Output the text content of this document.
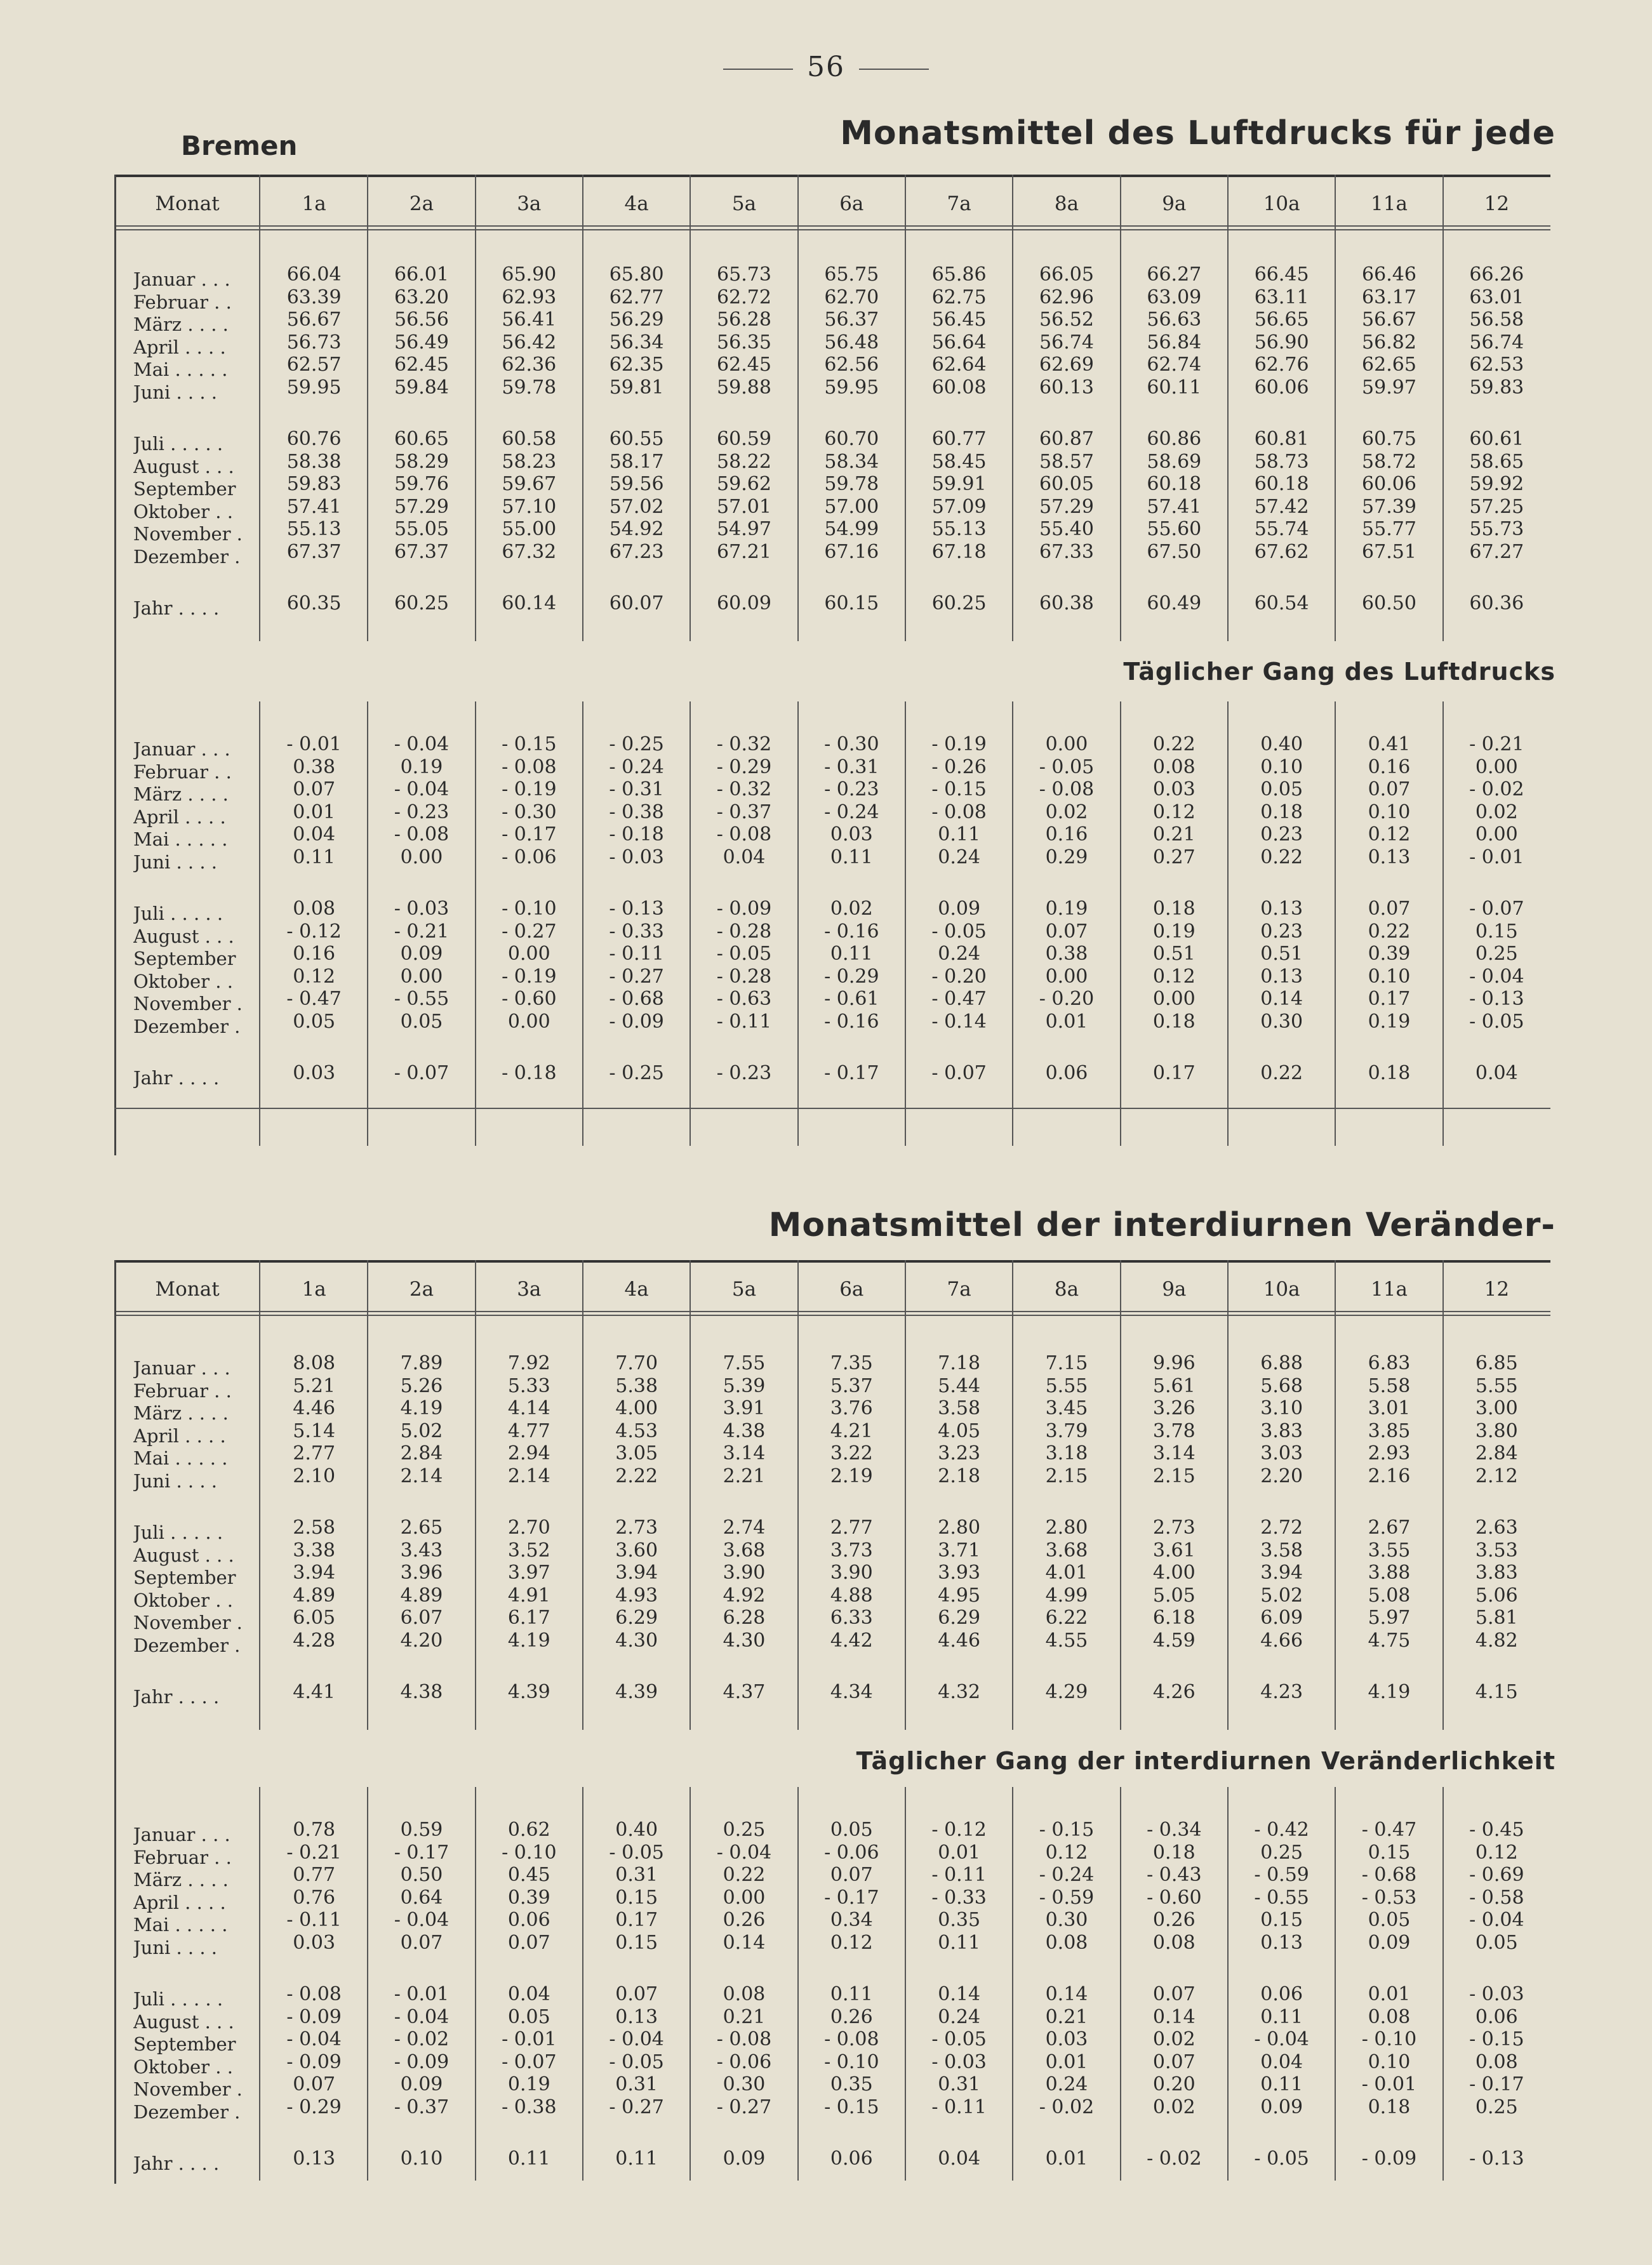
56
Bremen	Monatsmittel des Luftdrucks für jede
Täglicher Gang des Luftdrucks
Monatsmittel der interdiurnen Veränder-
Täglicher Gang der interdiurnen Veränderlichkeit
Monat	1a	2a	3a	4a	5a	6a	7a	8a	9a	10a	11a	12
Januar . . .	66.04	66.01	65.90	65.80	65.73	65.75	65.86	66.05	66.27	66.45	66.46	66.26
Februar . .	63.39	63.20	62.93	62.77	62.72	62.70	62.75	62.96	63.09	63.11	63.17	63.01
März . . . .	56.67	56.56	56.41	56.29	56.28	56.37	56.45	56.52	56.63	56.65	56.67	56.58
April . . . .	56.73	56.49	56.42	56.34	56.35	56.48	56.64	56.74	56.84	56.90	56.82	56.74
Mai . . . . .	62.57	62.45	62.36	62.35	62.45	62.56	62.64	62.69	62.74	62.76	62.65	62.53
Juni . . . .	59.95	59.84	59.78	59.81	59.88	59.95	60.08	60.13	60.11	60.06	59.97	59.83
Juli . . . . .	60.76	60.65	60.58	60.55	60.59	60.70	60.77	60.87	60.86	60.81	60.75	60.61
August . . .	58.38	58.29	58.23	58.17	58.22	58.34	58.45	58.57	58.69	58.73	58.72	58.65
September	59.83	59.76	59.67	59.56	59.62	59.78	59.91	60.05	60.18	60.18	60.06	59.92
Oktober . .	57.41	57.29	57.10	57.02	57.01	57.00	57.09	57.29	57.41	57.42	57.39	57.25
November .	55.13	55.05	55.00	54.92	54.97	54.99	55.13	55.40	55.60	55.74	55.77	55.73
Dezember .	67.37	67.37	67.32	67.23	67.21	67.16	67.18	67.33	67.50	67.62	67.51	67.27
Jahr . . . .	60.35	60.25	60.14	60.07	60.09	60.15	60.25	60.38	60.49	60.54	60.50	60.36
Januar . . .	- 0.01	- 0.04	- 0.15	- 0.25	- 0.32	- 0.30	- 0.19	0.00	0.22	0.40	0.41	- 0.21
Februar . .	0.38	0.19	- 0.08	- 0.24	- 0.29	- 0.31	- 0.26	- 0.05	0.08	0.10	0.16	0.00
März . . . .	0.07	- 0.04	- 0.19	- 0.31	- 0.32	- 0.23	- 0.15	- 0.08	0.03	0.05	0.07	- 0.02
April . . . .	0.01	- 0.23	- 0.30	- 0.38	- 0.37	- 0.24	- 0.08	0.02	0.12	0.18	0.10	0.02
Mai . . . . .	0.04	- 0.08	- 0.17	- 0.18	- 0.08	0.03	0.11	0.16	0.21	0.23	0.12	0.00
Juni . . . .	0.11	0.00	- 0.06	- 0.03	0.04	0.11	0.24	0.29	0.27	0.22	0.13	- 0.01
Juli . . . . .	0.08	- 0.03	- 0.10	- 0.13	- 0.09	0.02	0.09	0.19	0.18	0.13	0.07	- 0.07
August . . .	- 0.12	- 0.21	- 0.27	- 0.33	- 0.28	- 0.16	- 0.05	0.07	0.19	0.23	0.22	0.15
September	0.16	0.09	0.00	- 0.11	- 0.05	0.11	0.24	0.38	0.51	0.51	0.39	0.25
Oktober . .	0.12	0.00	- 0.19	- 0.27	- 0.28	- 0.29	- 0.20	0.00	0.12	0.13	0.10	- 0.04
November .	- 0.47	- 0.55	- 0.60	- 0.68	- 0.63	- 0.61	- 0.47	- 0.20	0.00	0.14	0.17	- 0.13
Dezember .	0.05	0.05	0.00	- 0.09	- 0.11	- 0.16	- 0.14	0.01	0.18	0.30	0.19	- 0.05
Jahr . . . .	0.03	- 0.07	- 0.18	- 0.25	- 0.23	- 0.17	- 0.07	0.06	0.17	0.22	0.18	0.04
Monat	1a	2a	3a	4a	5a	6a	7a	8a	9a	10a	11a	12
Januar . . .	8.08	7.89	7.92	7.70	7.55	7.35	7.18	7.15	9.96	6.88	6.83	6.85
Februar . .	5.21	5.26	5.33	5.38	5.39	5.37	5.44	5.55	5.61	5.68	5.58	5.55
März . . . .	4.46	4.19	4.14	4.00	3.91	3.76	3.58	3.45	3.26	3.10	3.01	3.00
April . . . .	5.14	5.02	4.77	4.53	4.38	4.21	4.05	3.79	3.78	3.83	3.85	3.80
Mai . . . . .	2.77	2.84	2.94	3.05	3.14	3.22	3.23	3.18	3.14	3.03	2.93	2.84
Juni . . . .	2.10	2.14	2.14	2.22	2.21	2.19	2.18	2.15	2.15	2.20	2.16	2.12
Juli . . . . .	2.58	2.65	2.70	2.73	2.74	2.77	2.80	2.80	2.73	2.72	2.67	2.63
August . . .	3.38	3.43	3.52	3.60	3.68	3.73	3.71	3.68	3.61	3.58	3.55	3.53
September	3.94	3.96	3.97	3.94	3.90	3.90	3.93	4.01	4.00	3.94	3.88	3.83
Oktober . .	4.89	4.89	4.91	4.93	4.92	4.88	4.95	4.99	5.05	5.02	5.08	5.06
November .	6.05	6.07	6.17	6.29	6.28	6.33	6.29	6.22	6.18	6.09	5.97	5.81
Dezember .	4.28	4.20	4.19	4.30	4.30	4.42	4.46	4.55	4.59	4.66	4.75	4.82
Jahr . . . .	4.41	4.38	4.39	4.39	4.37	4.34	4.32	4.29	4.26	4.23	4.19	4.15
Januar . . .	0.78	0.59	0.62	0.40	0.25	0.05	- 0.12	- 0.15	- 0.34	- 0.42	- 0.47	- 0.45
Februar . .	- 0.21	- 0.17	- 0.10	- 0.05	- 0.04	- 0.06	0.01	0.12	0.18	0.25	0.15	0.12
März . . . .	0.77	0.50	0.45	0.31	0.22	0.07	- 0.11	- 0.24	- 0.43	- 0.59	- 0.68	- 0.69
April . . . .	0.76	0.64	0.39	0.15	0.00	- 0.17	- 0.33	- 0.59	- 0.60	- 0.55	- 0.53	- 0.58
Mai . . . . .	- 0.11	- 0.04	0.06	0.17	0.26	0.34	0.35	0.30	0.26	0.15	0.05	- 0.04
Juni . . . .	0.03	0.07	0.07	0.15	0.14	0.12	0.11	0.08	0.08	0.13	0.09	0.05
Juli . . . . .	- 0.08	- 0.01	0.04	0.07	0.08	0.11	0.14	0.14	0.07	0.06	0.01	- 0.03
August . . .	- 0.09	- 0.04	0.05	0.13	0.21	0.26	0.24	0.21	0.14	0.11	0.08	0.06
September	- 0.04	- 0.02	- 0.01	- 0.04	- 0.08	- 0.08	- 0.05	0.03	0.02	- 0.04	- 0.10	- 0.15
Oktober . .	- 0.09	- 0.09	- 0.07	- 0.05	- 0.06	- 0.10	- 0.03	0.01	0.07	0.04	0.10	0.08
November .	0.07	0.09	0.19	0.31	0.30	0.35	0.31	0.24	0.20	0.11	- 0.01	- 0.17
Dezember .	- 0.29	- 0.37	- 0.38	- 0.27	- 0.27	- 0.15	- 0.11	- 0.02	0.02	0.09	0.18	0.25
Jahr . . . .	0.13	0.10	0.11	0.11	0.09	0.06	0.04	0.01	- 0.02	- 0.05	- 0.09	- 0.13
